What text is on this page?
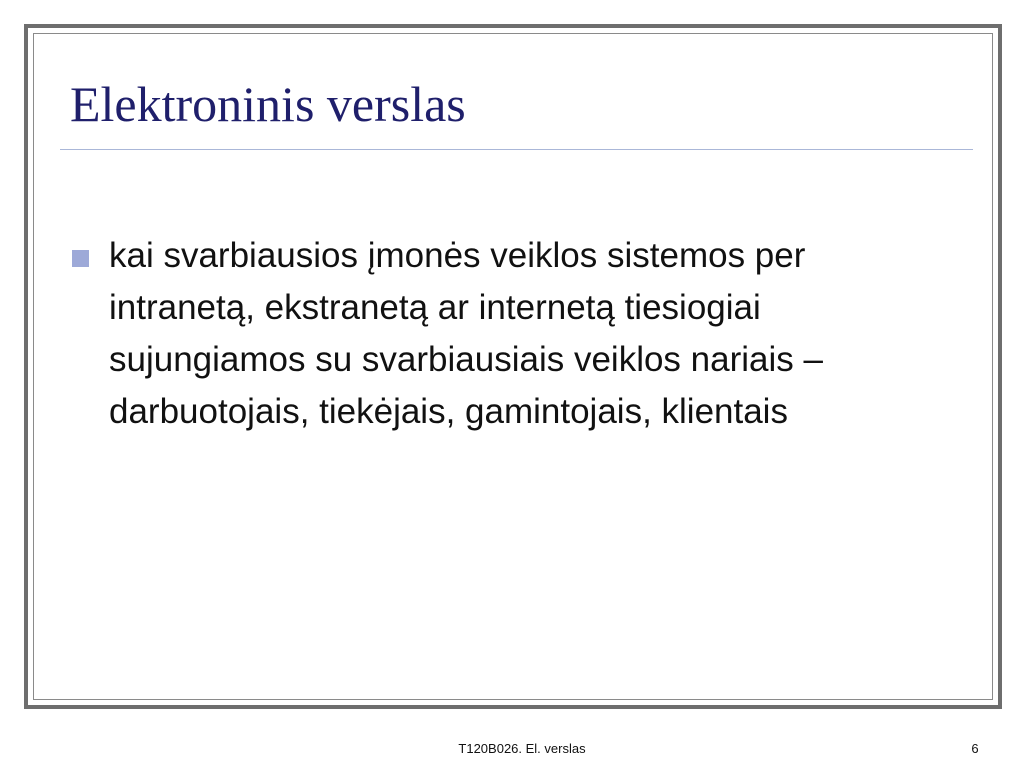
Elektroninis verslas
kai svarbiausios įmonės veiklos sistemos per intranetą, ekstranetą ar internetą tiesiogiai sujungiamos su svarbiausiais veiklos nariais –darbuotojais, tiekėjais, gamintojais, klientais
T120B026. El. verslas	6
